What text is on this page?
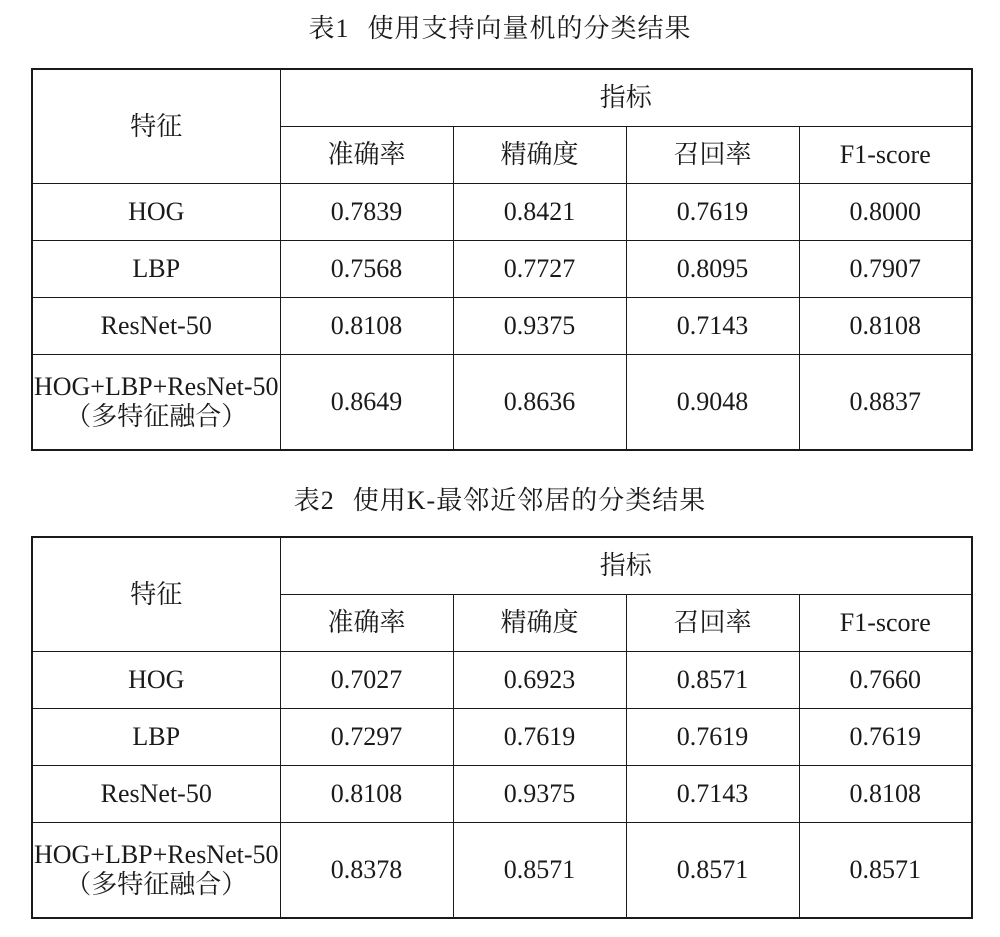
表1 使用支持向量机的分类结果
特征	指标			
	准确率	精确度	召回率	F1-score
HOG	0.7839	0.8421	0.7619	0.8000
LBP	0.7568	0.7727	0.8095	0.7907
ResNet-50	0.8108	0.9375	0.7143	0.8108

HOG+LBP+ResNet-50
（多特征融合）	0.8649	0.8636	0.9048	0.8837
表2 使用K-最邻近邻居的分类结果
特征	指标			
	准确率	精确度	召回率	F1-score
HOG	0.7027	0.6923	0.8571	0.7660
LBP	0.7297	0.7619	0.7619	0.7619
ResNet-50	0.8108	0.9375	0.7143	0.8108

HOG+LBP+ResNet-50
（多特征融合）	0.8378	0.8571	0.8571	0.8571
